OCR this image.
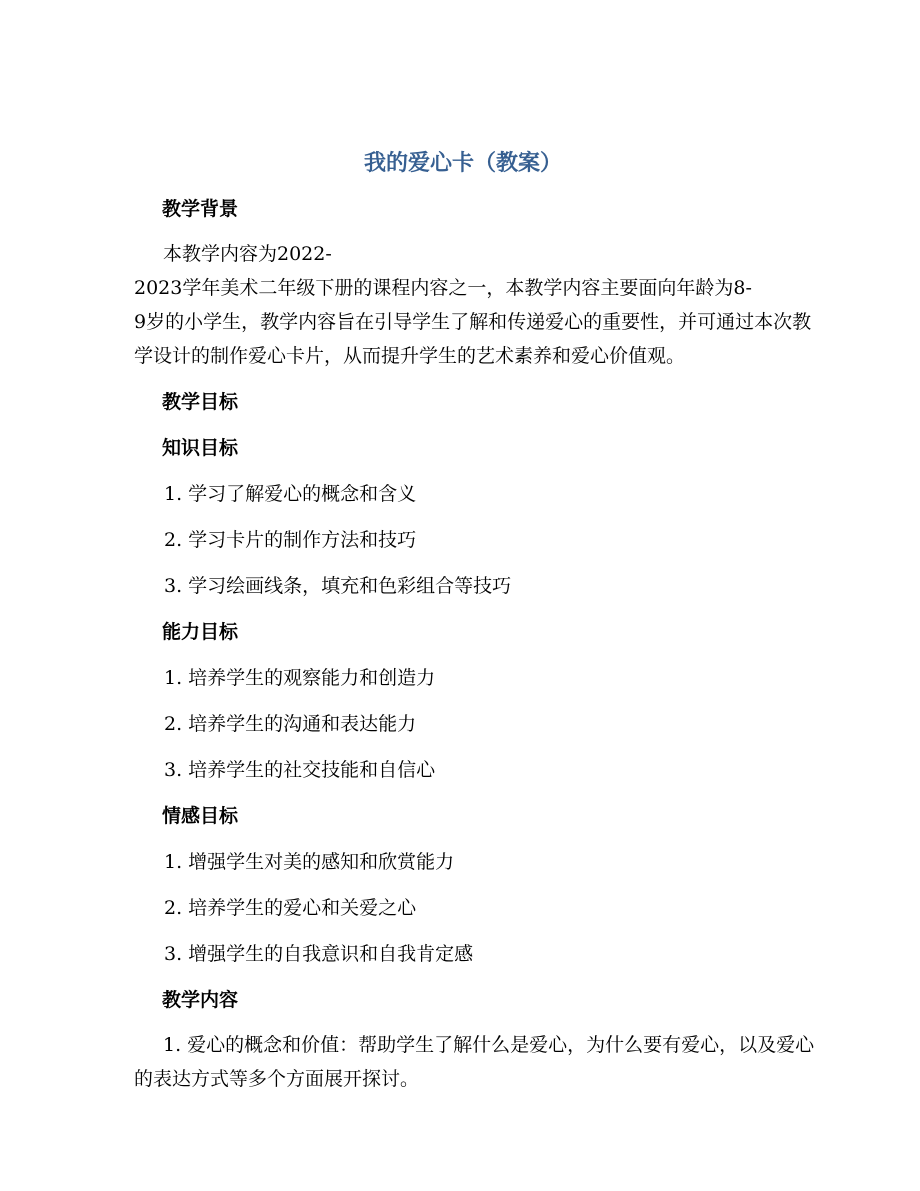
我的爱心卡（教案）
教学背景
本教学内容为2022-
2023学年美术二年级下册的课程内容之一，本教学内容主要面向年龄为8-
9岁的小学生，教学内容旨在引导学生了解和传递爱心的重要性，并可通过本次教
学设计的制作爱心卡片，从而提升学生的艺术素养和爱心价值观。
教学目标
知识目标
1. 学习了解爱心的概念和含义
2. 学习卡片的制作方法和技巧
3. 学习绘画线条，填充和色彩组合等技巧
能力目标
1. 培养学生的观察能力和创造力
2. 培养学生的沟通和表达能力
3. 培养学生的社交技能和自信心
情感目标
1. 增强学生对美的感知和欣赏能力
2. 培养学生的爱心和关爱之心
3. 增强学生的自我意识和自我肯定感
教学内容
1. 爱心的概念和价值：帮助学生了解什么是爱心，为什么要有爱心，以及爱心
的表达方式等多个方面展开探讨。
